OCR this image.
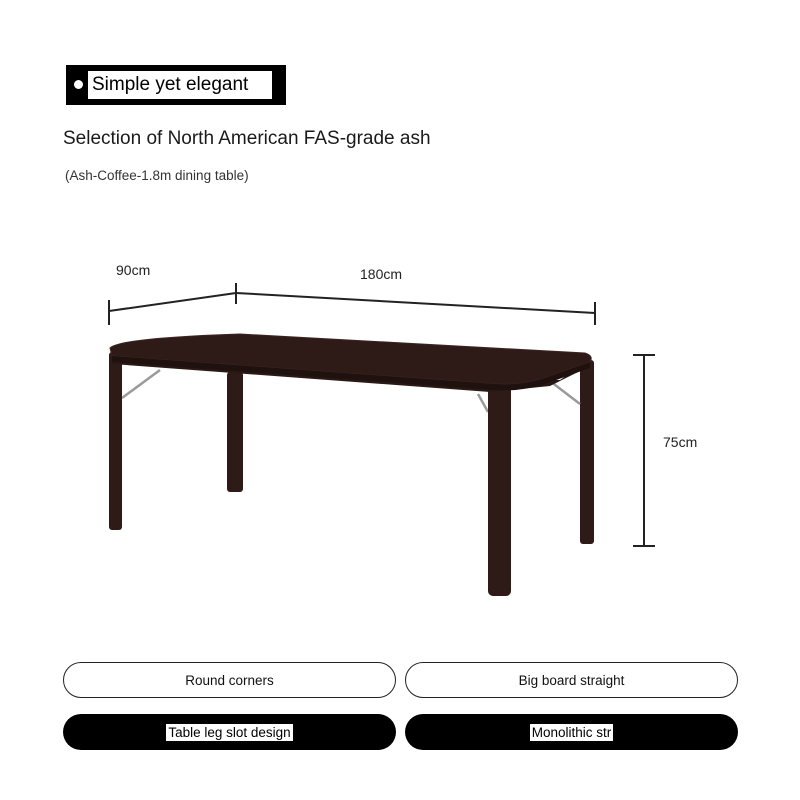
Simple yet elegant
Selection of North American FAS-grade ash
(Ash-Coffee-1.8m dining table)
90cm	180cm
75cm
Round corners	Big board straight
Table leg slot design	Monolithic str
